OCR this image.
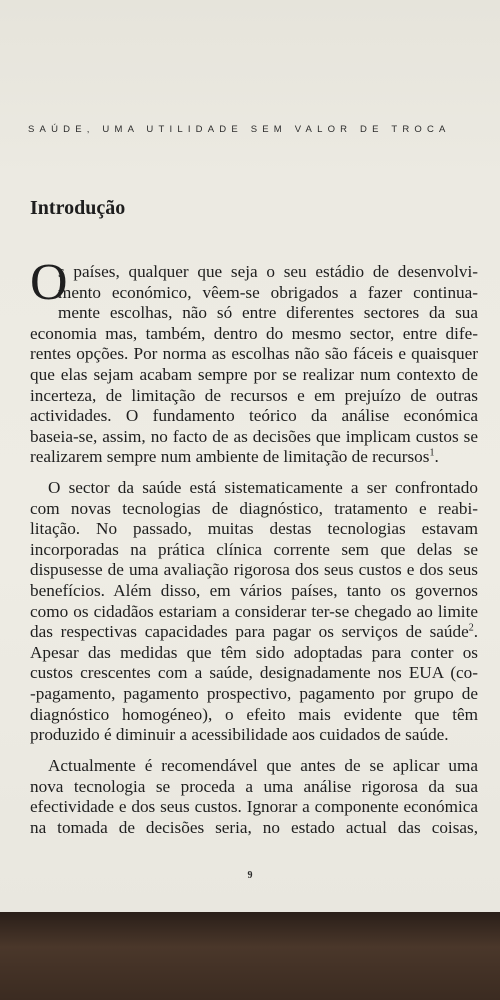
SAÚDE, UMA UTILIDADE SEM VALOR DE TROCA
Introdução
O
s países, qualquer que seja o seu estádio de desenvolvi-
mento económico, vêem-se obrigados a fazer continua-
mente escolhas, não só entre diferentes sectores da sua
economia mas, também, dentro do mesmo sector, entre dife-
rentes opções. Por norma as escolhas não são fáceis e quaisquer
que elas sejam acabam sempre por se realizar num contexto de
incerteza, de limitação de recursos e em prejuízo de outras
actividades. O fundamento teórico da análise económica
baseia-se, assim, no facto de as decisões que implicam custos se
realizarem sempre num ambiente de limitação de recursos$^1$.
O sector da saúde está sistematicamente a ser confrontado
com novas tecnologias de diagnóstico, tratamento e reabi-
litação. No passado, muitas destas tecnologias estavam
incorporadas na prática clínica corrente sem que delas se
dispusesse de uma avaliação rigorosa dos seus custos e dos seus
benefícios. Além disso, em vários países, tanto os governos
como os cidadãos estariam a considerar ter-se chegado ao limite
das respectivas capacidades para pagar os serviços de saúde$^2$.
Apesar das medidas que têm sido adoptadas para conter os
custos crescentes com a saúde, designadamente nos EUA (co-
-pagamento, pagamento prospectivo, pagamento por grupo de
diagnóstico homogéneo), o efeito mais evidente que têm
produzido é diminuir a acessibilidade aos cuidados de saúde.
Actualmente é recomendável que antes de se aplicar uma
nova tecnologia se proceda a uma análise rigorosa da sua
efectividade e dos seus custos. Ignorar a componente económica
na tomada de decisões seria, no estado actual das coisas,
9
